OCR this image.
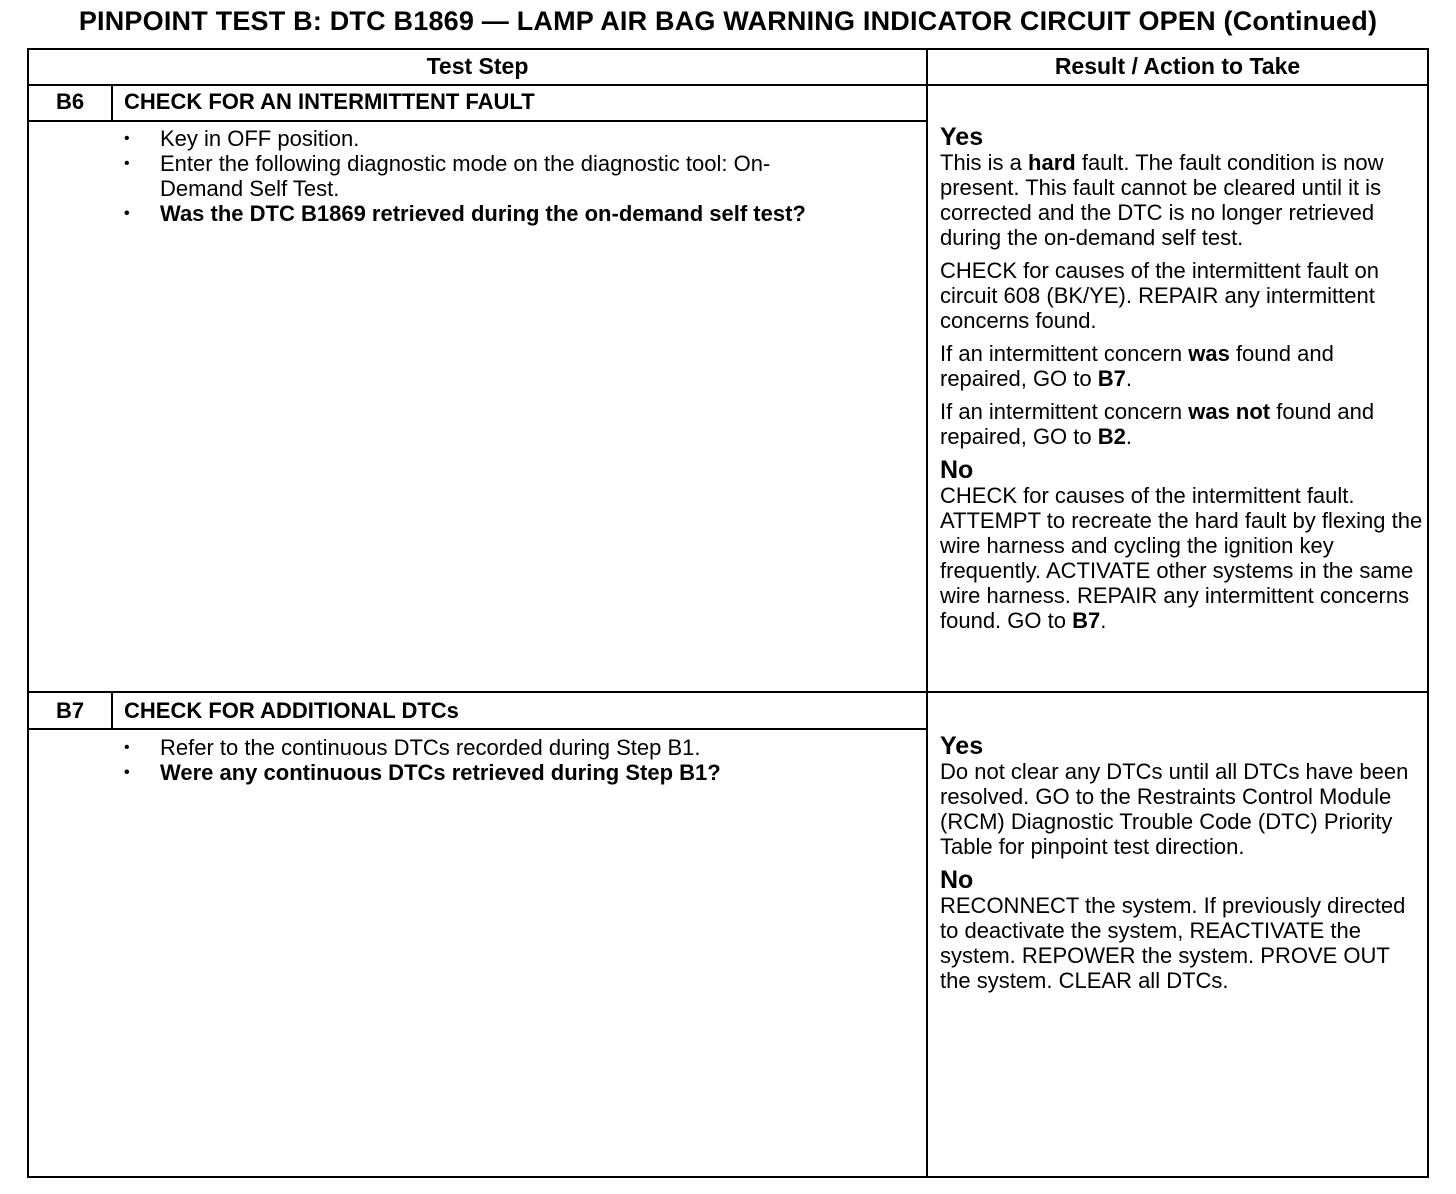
PINPOINT TEST B: DTC B1869 — LAMP AIR BAG WARNING INDICATOR CIRCUIT OPEN (Continued)
Test Step	Result / Action to Take
B6	CHECK FOR AN INTERMITTENT FAULT
• Key in OFF position.
• Enter the following diagnostic mode on the diagnostic tool: On-Demand Self Test.
• Was the DTC B1869 retrieved during the on-demand self test?
Yes

This is a hard fault. The fault condition is now present. This fault cannot be cleared until it is corrected and the DTC is no longer retrieved during the on-demand self test.

CHECK for causes of the intermittent fault on circuit 608 (BK/YE). REPAIR any intermittent concerns found.

If an intermittent concern was found and repaired, GO to B7.

If an intermittent concern was not found and repaired, GO to B2.

No

CHECK for causes of the intermittent fault. ATTEMPT to recreate the hard fault by flexing the wire harness and cycling the ignition key frequently. ACTIVATE other systems in the same wire harness. REPAIR any intermittent concerns found. GO to B7.

B7	CHECK FOR ADDITIONAL DTCs
• Refer to the continuous DTCs recorded during Step B1.
• Were any continuous DTCs retrieved during Step B1?
Yes

Do not clear any DTCs until all DTCs have been resolved. GO to the Restraints Control Module (RCM) Diagnostic Trouble Code (DTC) Priority Table for pinpoint test direction.

No

RECONNECT the system. If previously directed to deactivate the system, REACTIVATE the system. REPOWER the system. PROVE OUT the system. CLEAR all DTCs.
